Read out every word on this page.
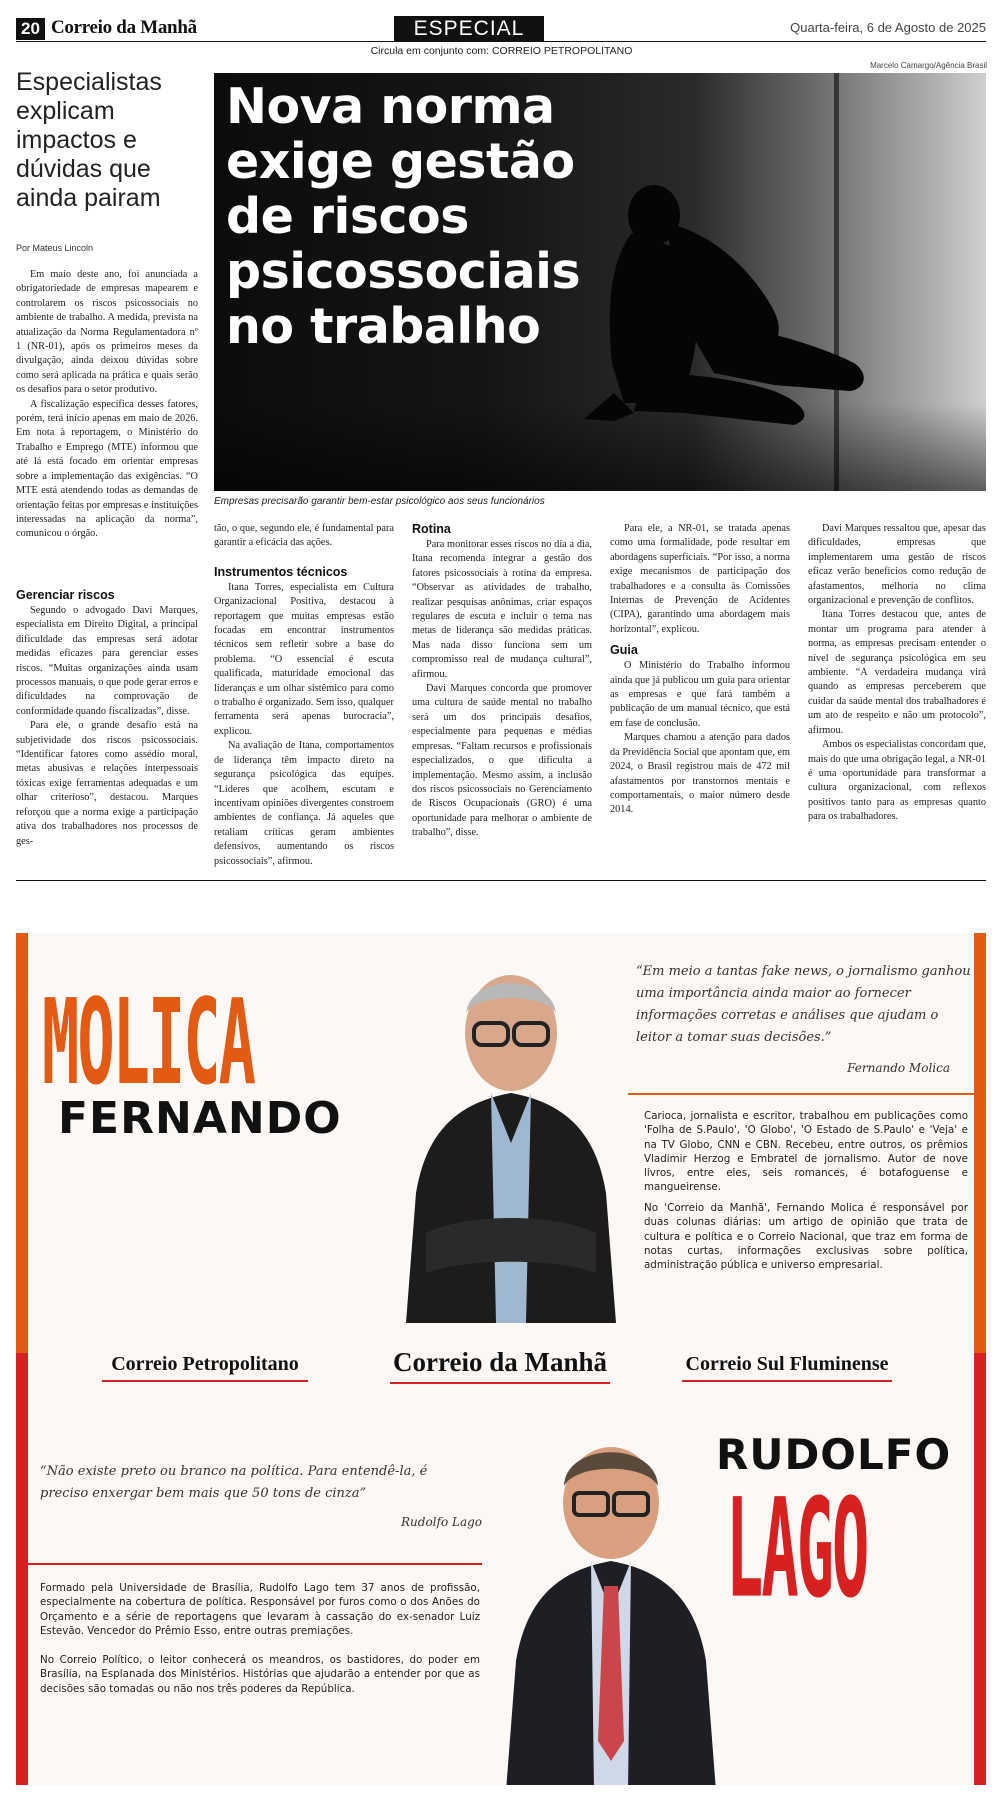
20 Correio da Manhã	ESPECIAL	Quarta-feira, 6 de Agosto de 2025
Circula em conjunto com: CORREIO PETROPOLITANO
Especialistas explicam impactos e dúvidas que ainda pairam
Por Mateus Lincoln
Marcelo Camargo/Agência Brasil
Nova norma exige gestão de riscos psicossociais no trabalho
Empresas precisarão garantir bem-estar psicológico aos seus funcionários

Em maio deste ano, foi anunciada a obrigatoriedade de empresas mapearem e controlarem os riscos psicossociais no ambiente de trabalho. A medida, prevista na atualização da Norma Regulamentadora nº 1 (NR-01), após os primeiros meses da divulgação, ainda deixou dúvidas sobre como será aplicada na prática e quais serão os desafios para o setor produtivo.

A fiscalização específica desses fatores, porém, terá início apenas em maio de 2026. Em nota à reportagem, o Ministério do Trabalho e Emprego (MTE) informou que até lá está focado em orientar empresas sobre a implementação das exigências. “O MTE está atendendo todas as demandas de orientação feitas por empresas e instituições interessadas na aplicação da norma”, comunicou o órgão.

Gerenciar riscos

Segundo o advogado Davi Marques, especialista em Direito Digital, a principal dificuldade das empresas será adotar medidas eficazes para gerenciar esses riscos. “Muitas organizações ainda usam processos manuais, o que pode gerar erros e dificuldades na comprovação de conformidade quando fiscalizadas”, disse.

Para ele, o grande desafio está na subjetividade dos riscos psicossociais. “Identificar fatores como assédio moral, metas abusivas e relações interpessoais tóxicas exige ferramentas adequadas e um olhar criterioso”, destacou. Marques reforçou que a norma exige a participação ativa dos trabalhadores nos processos de ges-

tão, o que, segundo ele, é fundamental para garantir a eficácia das ações.

Instrumentos técnicos

Itana Torres, especialista em Cultura Organizacional Positiva, destacou à reportagem que muitas empresas estão focadas em encontrar instrumentos técnicos sem refletir sobre a base do problema. “O essencial é escuta qualificada, maturidade emocional das lideranças e um olhar sistêmico para como o trabalho é organizado. Sem isso, qualquer ferramenta será apenas burocracia”, explicou.

Na avaliação de Itana, comportamentos de liderança têm impacto direto na segurança psicológica das equipes. “Líderes que acolhem, escutam e incentivam opiniões divergentes constroem ambientes de confiança. Já aqueles que retaliam críticas geram ambientes defensivos, aumentando os riscos psicossociais”, afirmou.

Rotina

Para monitorar esses riscos no dia a dia, Itana recomenda integrar a gestão dos fatores psicossociais à rotina da empresa. “Observar as atividades de trabalho, realizar pesquisas anônimas, criar espaços regulares de escuta e incluir o tema nas metas de liderança são medidas práticas. Mas nada disso funciona sem um compromisso real de mudança cultural”, afirmou.

Davi Marques concorda que promover uma cultura de saúde mental no trabalho será um dos principais desafios, especialmente para pequenas e médias empresas. “Faltam recursos e profissionais especializados, o que dificulta a implementação. Mesmo assim, a inclusão dos riscos psicossociais no Gerenciamento de Riscos Ocupacionais (GRO) é uma oportunidade para melhorar o ambiente de trabalho”, disse.

Para ele, a NR-01, se tratada apenas como uma formalidade, pode resultar em abordagens superficiais. “Por isso, a norma exige mecanismos de participação dos trabalhadores e a consulta às Comissões Internas de Prevenção de Acidentes (CIPA), garantindo uma abordagem mais horizontal”, explicou.

Guia

O Ministério do Trabalho informou ainda que já publicou um guia para orientar as empresas e que fará também a publicação de um manual técnico, que está em fase de conclusão.

Marques chamou a atenção para dados da Previdência Social que apontam que, em 2024, o Brasil registrou mais de 472 mil afastamentos por transtornos mentais e comportamentais, o maior número desde 2014.

Davi Marques ressaltou que, apesar das dificuldades, empresas que implementarem uma gestão de riscos eficaz verão benefícios como redução de afastamentos, melhoria no clima organizacional e prevenção de conflitos.

Itana Torres destacou que, antes de montar um programa para atender à norma, as empresas precisam entender o nível de segurança psicológica em seu ambiente. “A verdadeira mudança virá quando as empresas perceberem que cuidar da saúde mental dos trabalhadores é um ato de respeito e não um protocolo”, afirmou.

Ambos os especialistas concordam que, mais do que uma obrigação legal, a NR-01 é uma oportunidade para transformar a cultura organizacional, com reflexos positivos tanto para as empresas quanto para os trabalhadores.

MOLICA
FERNANDO
“Em meio a tantas fake news, o jornalismo ganhou uma importância ainda maior ao fornecer informações corretas e análises que ajudam o leitor a tomar suas decisões.”
Fernando Molica
Carioca, jornalista e escritor, trabalhou em publicações como 'Folha de S.Paulo', 'O Globo', 'O Estado de S.Paulo' e 'Veja' e na TV Globo, CNN e CBN. Recebeu, entre outros, os prêmios Vladimir Herzog e Embratel de jornalismo. Autor de nove livros, entre eles, seis romances, é botafoguense e mangueirense.
No 'Correio da Manhã', Fernando Molica é responsável por duas colunas diárias: um artigo de opinião que trata de cultura e política e o Correio Nacional, que traz em forma de notas curtas, informações exclusivas sobre política, administração pública e universo empresarial.
Correio Petropolitano	Correio da Manhã	Correio Sul Fluminense
RUDOLFO
LAGO
“Não existe preto ou branco na política. Para entendê-la, é preciso enxergar bem mais que 50 tons de cinza”
Rudolfo Lago
Formado pela Universidade de Brasília, Rudolfo Lago tem 37 anos de profissão, especialmente na cobertura de política. Responsável por furos como o dos Anões do Orçamento e a série de reportagens que levaram à cassação do ex-senador Luiz Estevão. Vencedor do Prêmio Esso, entre outras premiações.
No Correio Político, o leitor conhecerá os meandros, os bastidores, do poder em Brasília, na Esplanada dos Ministérios. Histórias que ajudarão a entender por que as decisões são tomadas ou não nos três poderes da República.
